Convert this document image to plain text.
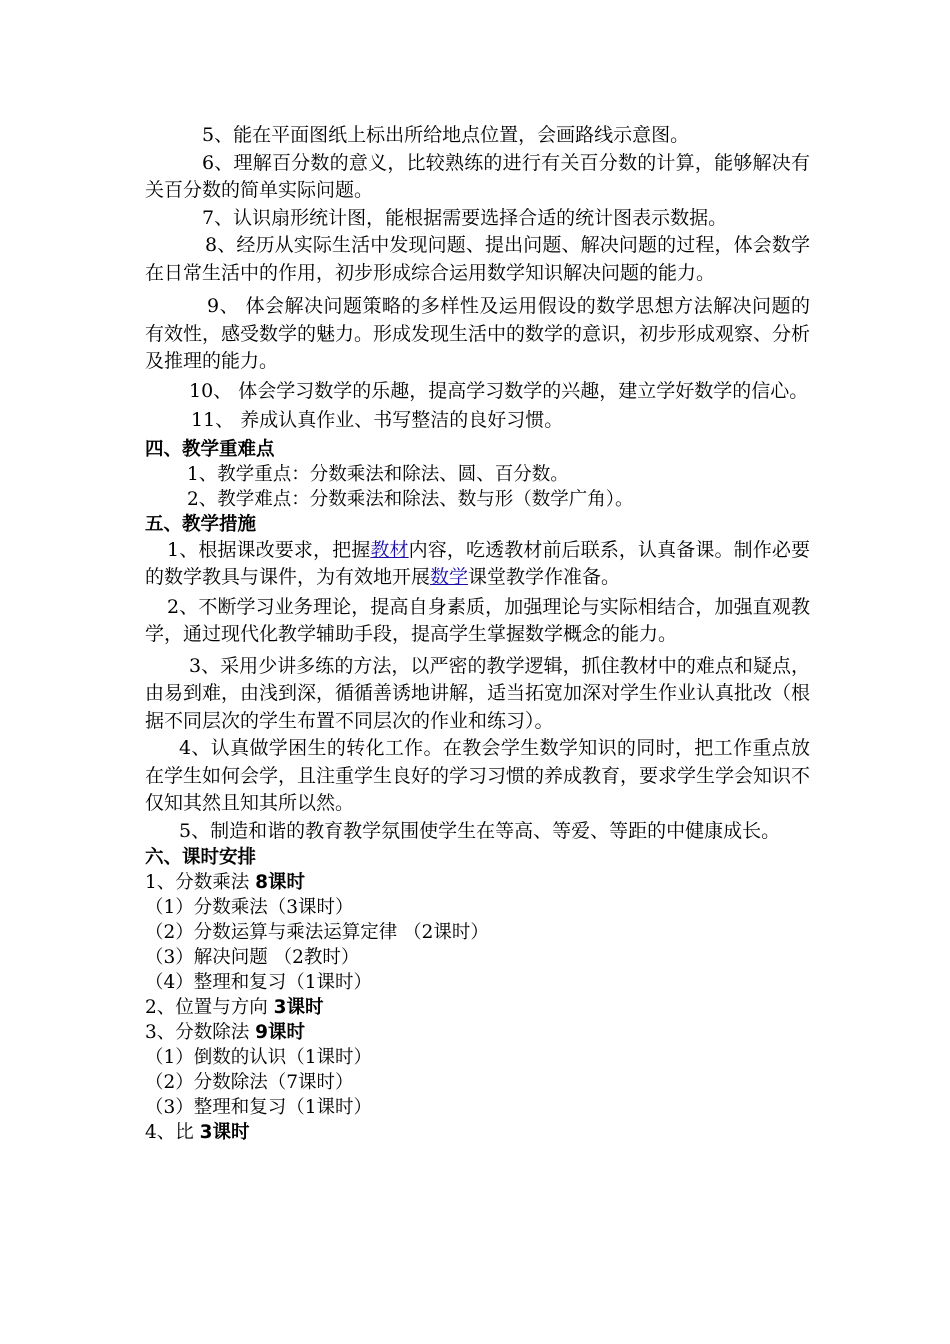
5、能在平面图纸上标出所给地点位置，会画路线示意图。

6、理解百分数的意义，比较熟练的进行有关百分数的计算，能够解决有关百分数的简单实际问题。

7、认识扇形统计图，能根据需要选择合适的统计图表示数据。

8、经历从实际生活中发现问题、提出问题、解决问题的过程，体会数学在日常生活中的作用，初步形成综合运用数学知识解决问题的能力。

9、 体会解决问题策略的多样性及运用假设的数学思想方法解决问题的有效性，感受数学的魅力。形成发现生活中的数学的意识，初步形成观察、分析及推理的能力。

10、 体会学习数学的乐趣，提高学习数学的兴趣，建立学好数学的信心。

11、 养成认真作业、书写整洁的良好习惯。

四、教学重难点

1、教学重点：分数乘法和除法、圆、百分数。

2、教学难点：分数乘法和除法、数与形（数学广角）。

五、教学措施

1、根据课改要求，把握教材内容，吃透教材前后联系，认真备课。制作必要的数学教具与课件，为有效地开展数学课堂教学作准备。

2、不断学习业务理论，提高自身素质，加强理论与实际相结合，加强直观教学，通过现代化教学辅助手段，提高学生掌握数学概念的能力。

3、采用少讲多练的方法，以严密的教学逻辑，抓住教材中的难点和疑点，由易到难，由浅到深，循循善诱地讲解，适当拓宽加深对学生作业认真批改（根据不同层次的学生布置不同层次的作业和练习）。

4、认真做学困生的转化工作。在教会学生数学知识的同时，把工作重点放在学生如何会学，且注重学生良好的学习习惯的养成教育，要求学生学会知识不仅知其然且知其所以然。

5、制造和谐的教育教学氛围使学生在等高、等爱、等距的中健康成长。

六、课时安排

1、分数乘法 8课时

（1）分数乘法（3课时）

（2）分数运算与乘法运算定律 （2课时）

（3）解决问题 （2教时）

（4）整理和复习（1课时）

2、位置与方向 3课时

3、分数除法 9课时

（1）倒数的认识（1课时）

（2）分数除法（7课时）

（3）整理和复习（1课时）

4、比 3课时
